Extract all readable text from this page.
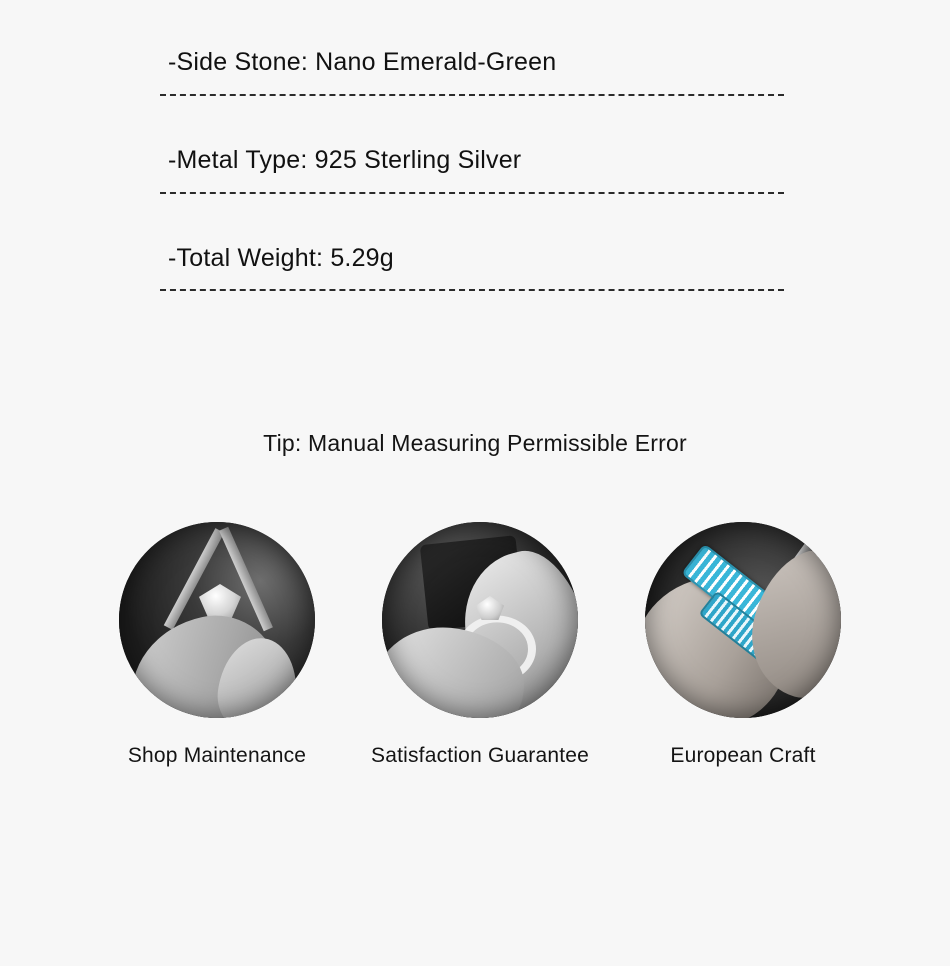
-Side Stone: Nano Emerald-Green
-Metal Type: 925 Sterling Silver
-Total Weight: 5.29g
Tip: Manual Measuring Permissible Error
Shop Maintenance	Satisfaction Guarantee	European Craft
